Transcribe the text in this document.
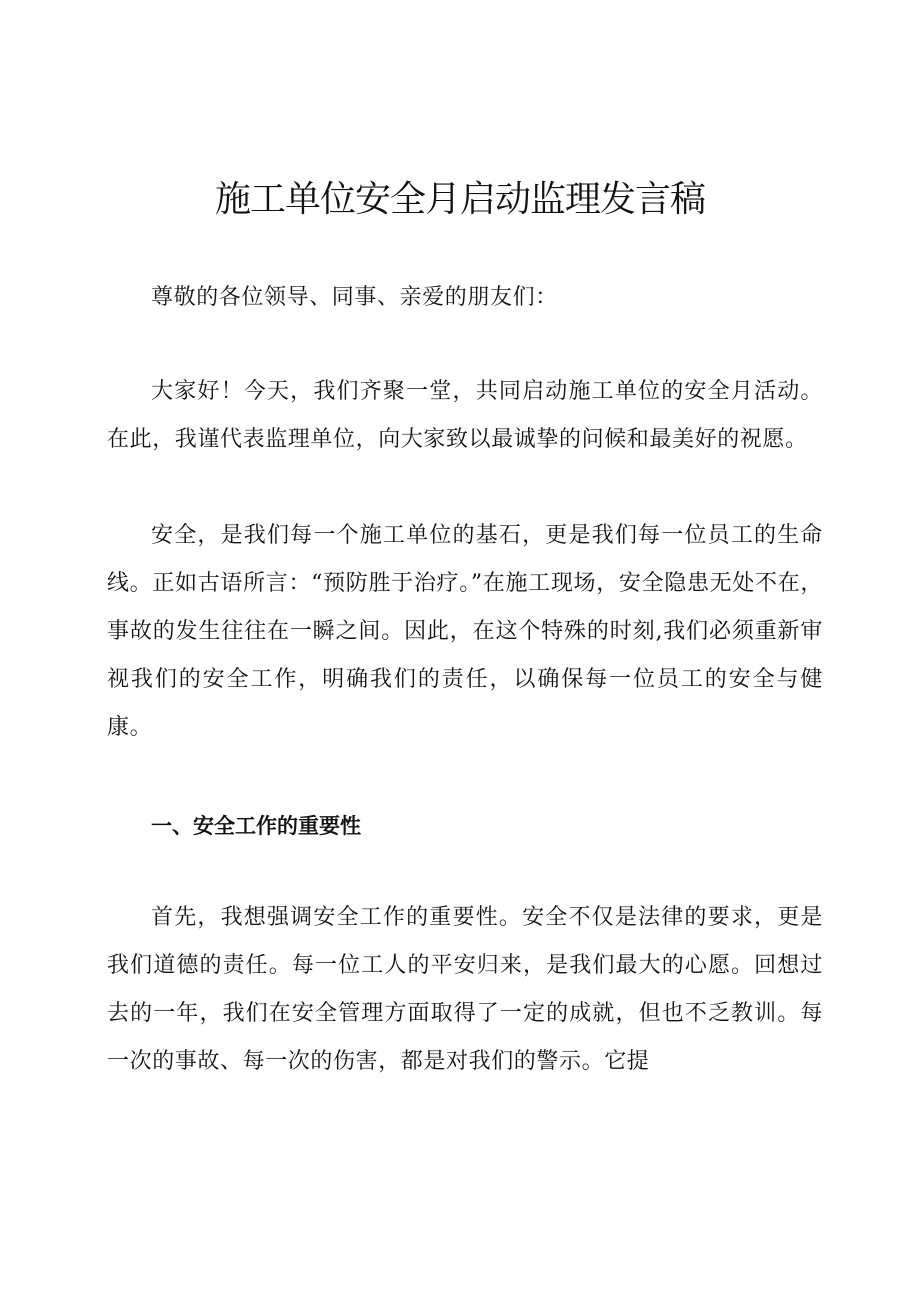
施工单位安全月启动监理发言稿

尊敬的各位领导、同事、亲爱的朋友们：

大家好！今天，我们齐聚一堂，共同启动施工单位的安全月活动。在此，我谨代表监理单位，向大家致以最诚挚的问候和最美好的祝愿。

安全，是我们每一个施工单位的基石，更是我们每一位员工的生命线。正如古语所言：“预防胜于治疗。”在施工现场，安全隐患无处不在，事故的发生往往在一瞬之间。因此，在这个特殊的时刻,我们必须重新审视我们的安全工作，明确我们的责任，以确保每一位员工的安全与健康。

一、安全工作的重要性

首先，我想强调安全工作的重要性。安全不仅是法律的要求，更是我们道德的责任。每一位工人的平安归来，是我们最大的心愿。回想过去的一年，我们在安全管理方面取得了一定的成就，但也不乏教训。每一次的事故、每一次的伤害，都是对我们的警示。它提
